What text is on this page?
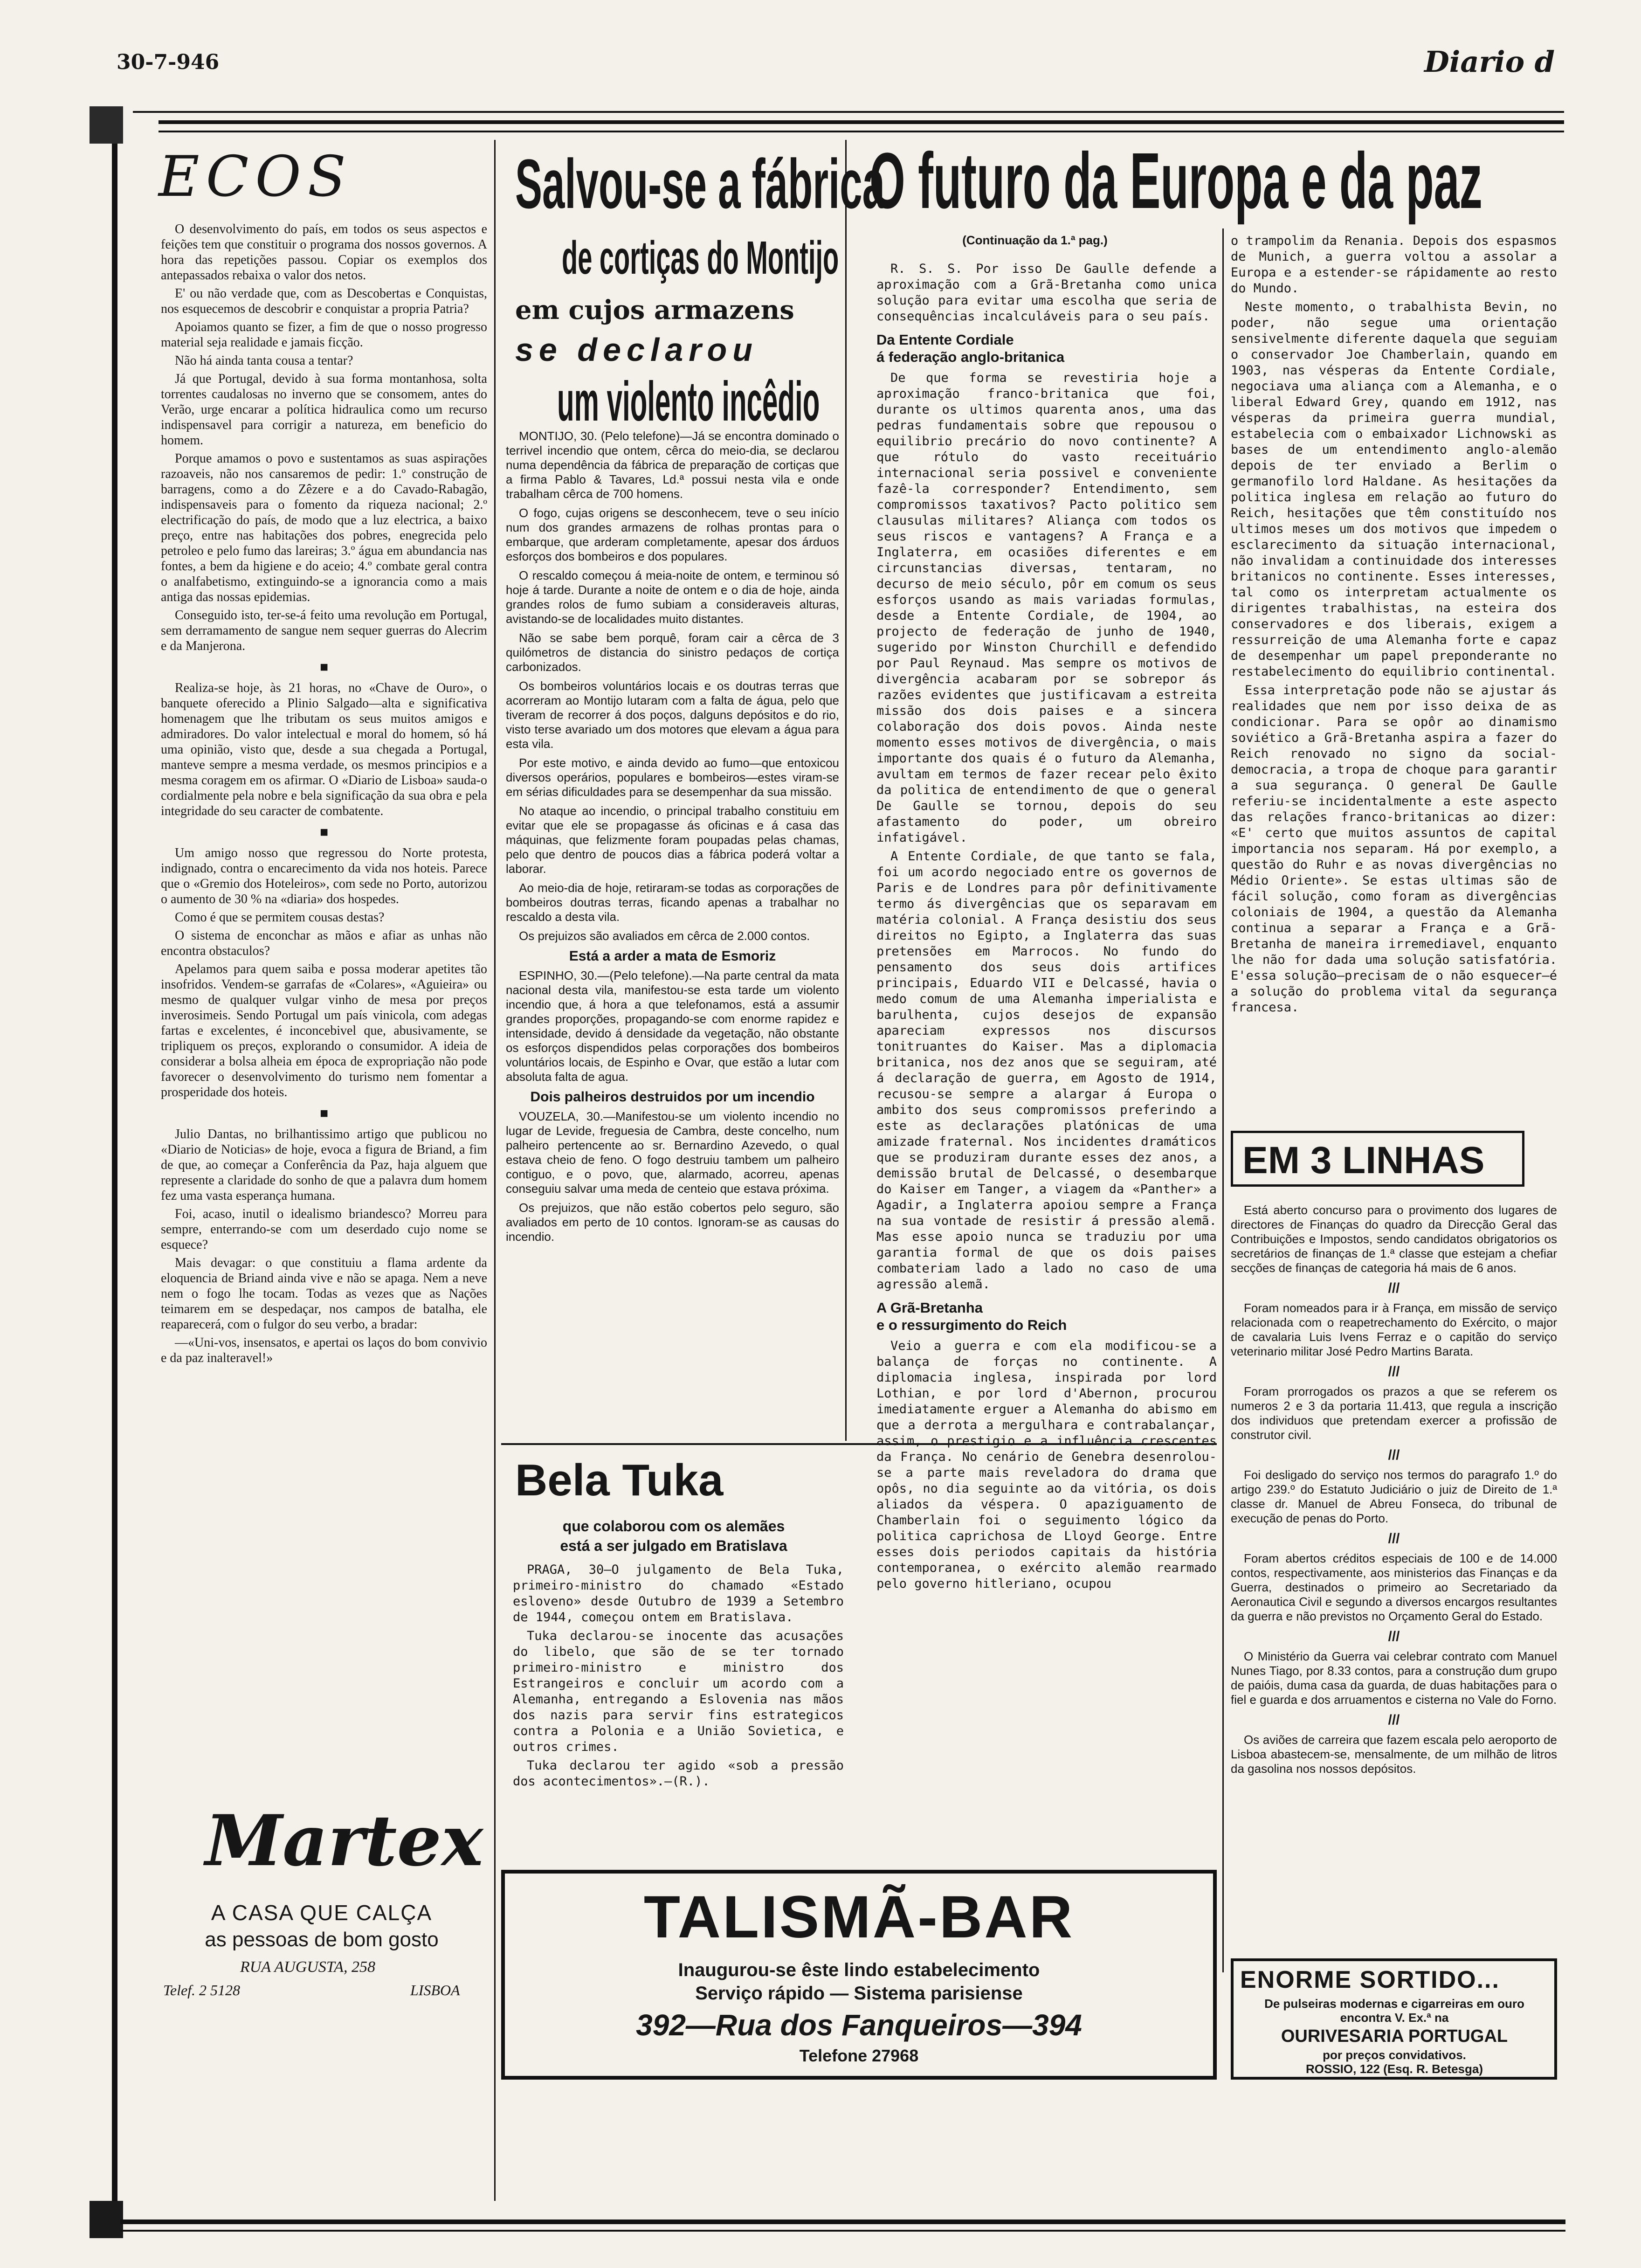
30-7-946	Diario d
ECOS

O desenvolvimento do país, em todos os seus aspectos e feições tem que constituir o programa dos nossos governos. A hora das repetições passou. Copiar os exemplos dos antepassados rebaixa o valor dos netos.

E' ou não verdade que, com as Descobertas e Conquistas, nos esquecemos de descobrir e conquistar a propria Patria?

Apoiamos quanto se fizer, a fim de que o nosso progresso material seja realidade e jamais ficção.

Não há ainda tanta cousa a tentar?

Já que Portugal, devido à sua forma montanhosa, solta torrentes caudalosas no inverno que se consomem, antes do Verão, urge encarar a política hidraulica como um recurso indispensavel para corrigir a natureza, em beneficio do homem.

Porque amamos o povo e sustentamos as suas aspirações razoaveis, não nos cansaremos de pedir: 1.º construção de barragens, como a do Zêzere e a do Cavado-Rabagão, indispensaveis para o fomento da riqueza nacional; 2.º electrificação do país, de modo que a luz electrica, a baixo preço, entre nas habitações dos pobres, enegrecida pelo petroleo e pelo fumo das lareiras; 3.º água em abundancia nas fontes, a bem da higiene e do aceio; 4.º combate geral contra o analfabetismo, extinguindo-se a ignorancia como a mais antiga das nossas epidemias.

Conseguido isto, ter-se-á feito uma revolução em Portugal, sem derramamento de sangue nem sequer guerras do Alecrim e da Manjerona.

■

Realiza-se hoje, às 21 horas, no «Chave de Ouro», o banquete oferecido a Plinio Salgado—alta e significativa homenagem que lhe tributam os seus muitos amigos e admiradores. Do valor intelectual e moral do homem, só há uma opinião, visto que, desde a sua chegada a Portugal, manteve sempre a mesma verdade, os mesmos principios e a mesma coragem em os afirmar. O «Diario de Lisboa» sauda-o cordialmente pela nobre e bela significação da sua obra e pela integridade do seu caracter de combatente.

■

Um amigo nosso que regressou do Norte protesta, indignado, contra o encarecimento da vida nos hoteis. Parece que o «Gremio dos Hoteleiros», com sede no Porto, autorizou o aumento de 30 % na «diaria» dos hospedes.

Como é que se permitem cousas destas?

O sistema de enconchar as mãos e afiar as unhas não encontra obstaculos?

Apelamos para quem saiba e possa moderar apetites tão insofridos. Vendem-se garrafas de «Colares», «Aguieira» ou mesmo de qualquer vulgar vinho de mesa por preços inverosimeis. Sendo Portugal um país vinicola, com adegas fartas e excelentes, é inconcebivel que, abusivamente, se tripliquem os preços, explorando o consumidor. A ideia de considerar a bolsa alheia em época de expropriação não pode favorecer o desenvolvimento do turismo nem fomentar a prosperidade dos hoteis.

■

Julio Dantas, no brilhantissimo artigo que publicou no «Diario de Noticias» de hoje, evoca a figura de Briand, a fim de que, ao começar a Conferência da Paz, haja alguem que represente a claridade do sonho de que a palavra dum homem fez uma vasta esperança humana.

Foi, acaso, inutil o idealismo briandesco? Morreu para sempre, enterrando-se com um deserdado cujo nome se esquece?

Mais devagar: o que constituiu a flama ardente da eloquencia de Briand ainda vive e não se apaga. Nem a neve nem o fogo lhe tocam. Todas as vezes que as Nações teimarem em se despedaçar, nos campos de batalha, ele reaparecerá, com o fulgor do seu verbo, a bradar:

—«Uni-vos, insensatos, e apertai os laços do bom convivio e da paz inalteravel!»

Martex
A CASA QUE CALÇA
as pessoas de bom gosto
RUA AUGUSTA, 258
Telef. 2 5128	LISBOA
Salvou-se a fábrica
de cortiças do Montijo
em cujos armazens
se declarou
um violento incêdio

MONTIJO, 30. (Pelo telefone)—Já se encontra dominado o terrivel incendio que ontem, cêrca do meio-dia, se declarou numa dependência da fábrica de preparação de cortiças que a firma Pablo & Tavares, Ld.ª possui nesta vila e onde trabalham cêrca de 700 homens.

O fogo, cujas origens se desconhecem, teve o seu início num dos grandes armazens de rolhas prontas para o embarque, que arderam completamente, apesar dos árduos esforços dos bombeiros e dos populares.

O rescaldo começou á meia-noite de ontem, e terminou só hoje á tarde. Durante a noite de ontem e o dia de hoje, ainda grandes rolos de fumo subiam a consideraveis alturas, avistando-se de localidades muito distantes.

Não se sabe bem porquê, foram cair a cêrca de 3 quilómetros de distancia do sinistro pedaços de cortiça carbonizados.

Os bombeiros voluntários locais e os doutras terras que acorreram ao Montijo lutaram com a falta de água, pelo que tiveram de recorrer á dos poços, dalguns depósitos e do rio, visto terse avariado um dos motores que elevam a água para esta vila.

Por este motivo, e ainda devido ao fumo—que entoxicou diversos operários, populares e bombeiros—estes viram-se em sérias dificuldades para se desempenhar da sua missão.

No ataque ao incendio, o principal trabalho constituiu em evitar que ele se propagasse ás oficinas e á casa das máquinas, que felizmente foram poupadas pelas chamas, pelo que dentro de poucos dias a fábrica poderá voltar a laborar.

Ao meio-dia de hoje, retiraram-se todas as corporações de bombeiros doutras terras, ficando apenas a trabalhar no rescaldo a desta vila.

Os prejuizos são avaliados em cêrca de 2.000 contos.

Está a arder a mata de Esmoriz

ESPINHO, 30.—(Pelo telefone).—Na parte central da mata nacional desta vila, manifestou-se esta tarde um violento incendio que, á hora a que telefonamos, está a assumir grandes proporções, propagando-se com enorme rapidez e intensidade, devido á densidade da vegetação, não obstante os esforços dispendidos pelas corporações dos bombeiros voluntários locais, de Espinho e Ovar, que estão a lutar com absoluta falta de agua.

Dois palheiros destruidos por um incendio

VOUZELA, 30.—Manifestou-se um violento incendio no lugar de Levide, freguesia de Cambra, deste concelho, num palheiro pertencente ao sr. Bernardino Azevedo, o qual estava cheio de feno. O fogo destruiu tambem um palheiro contiguo, e o povo, que, alarmado, acorreu, apenas conseguiu salvar uma meda de centeio que estava próxima.

Os prejuizos, que não estão cobertos pelo seguro, são avaliados em perto de 10 contos. Ignoram-se as causas do incendio.

Bela Tuka
que colaborou com os alemães
está a ser julgado em Bratislava

PRAGA, 30—O julgamento de Bela Tuka, primeiro-ministro do chamado «Estado esloveno» desde Outubro de 1939 a Setembro de 1944, começou ontem em Bratislava.

Tuka declarou-se inocente das acusações do libelo, que são de se ter tornado primeiro-ministro e ministro dos Estrangeiros e concluir um acordo com a Alemanha, entregando a Eslovenia nas mãos dos nazis para servir fins estrategicos contra a Polonia e a União Sovietica, e outros crimes.

Tuka declarou ter agido «sob a pressão dos acontecimentos».—(R.).

O futuro da Europa e da paz
(Continuação da 1.ª pag.)

R. S. S. Por isso De Gaulle defende a aproximação com a Grã-Bretanha como unica solução para evitar uma escolha que seria de consequências incalculáveis para o seu país.

Da Entente Cordiale
á federação anglo-britanica

De que forma se revestiria hoje a aproximação franco-britanica que foi, durante os ultimos quarenta anos, uma das pedras fundamentais sobre que repousou o equilibrio precário do novo continente? A que rótulo do vasto receituário internacional seria possivel e conveniente fazê-la corresponder? Entendimento, sem compromissos taxativos? Pacto politico sem clausulas militares? Aliança com todos os seus riscos e vantagens? A França e a Inglaterra, em ocasiões diferentes e em circunstancias diversas, tentaram, no decurso de meio século, pôr em comum os seus esforços usando as mais variadas formulas, desde a Entente Cordiale, de 1904, ao projecto de federação de junho de 1940, sugerido por Winston Churchill e defendido por Paul Reynaud. Mas sempre os motivos de divergência acabaram por se sobrepor ás razões evidentes que justificavam a estreita missão dos dois paises e a sincera colaboração dos dois povos. Ainda neste momento esses motivos de divergência, o mais importante dos quais é o futuro da Alemanha, avultam em termos de fazer recear pelo êxito da politica de entendimento de que o general De Gaulle se tornou, depois do seu afastamento do poder, um obreiro infatigável.

A Entente Cordiale, de que tanto se fala, foi um acordo negociado entre os governos de Paris e de Londres para pôr definitivamente termo ás divergências que os separavam em matéria colonial. A França desistiu dos seus direitos no Egipto, a Inglaterra das suas pretensões em Marrocos. No fundo do pensamento dos seus dois artifices principais, Eduardo VII e Delcassé, havia o medo comum de uma Alemanha imperialista e barulhenta, cujos desejos de expansão apareciam expressos nos discursos tonitruantes do Kaiser. Mas a diplomacia britanica, nos dez anos que se seguiram, até á declaração de guerra, em Agosto de 1914, recusou-se sempre a alargar á Europa o ambito dos seus compromissos preferindo a este as declarações platónicas de uma amizade fraternal. Nos incidentes dramáticos que se produziram durante esses dez anos, a demissão brutal de Delcassé, o desembarque do Kaiser em Tanger, a viagem da «Panther» a Agadir, a Inglaterra apoiou sempre a França na sua vontade de resistir á pressão alemã. Mas esse apoio nunca se traduziu por uma garantia formal de que os dois paises combateriam lado a lado no caso de uma agressão alemã.

A Grã-Bretanha
e o ressurgimento do Reich

Veio a guerra e com ela modificou-se a balança de forças no continente. A diplomacia inglesa, inspirada por lord Lothian, e por lord d'Abernon, procurou imediatamente erguer a Alemanha do abismo em que a derrota a mergulhara e contrabalançar, assim, o prestigio e a influência crescentes da França. No cenário de Genebra desenrolou-se a parte mais reveladora do drama que opôs, no dia seguinte ao da vitória, os dois aliados da véspera. O apaziguamento de Chamberlain foi o seguimento lógico da politica caprichosa de Lloyd George. Entre esses dois periodos capitais da história contemporanea, o exército alemão rearmado pelo governo hitleriano, ocupou

o trampolim da Renania. Depois dos espasmos de Munich, a guerra voltou a assolar a Europa e a estender-se rápidamente ao resto do Mundo.

Neste momento, o trabalhista Bevin, no poder, não segue uma orientação sensivelmente diferente daquela que seguiam o conservador Joe Chamberlain, quando em 1903, nas vésperas da Entente Cordiale, negociava uma aliança com a Alemanha, e o liberal Edward Grey, quando em 1912, nas vésperas da primeira guerra mundial, estabelecia com o embaixador Lichnowski as bases de um entendimento anglo-alemão depois de ter enviado a Berlim o germanofilo lord Haldane. As hesitações da politica inglesa em relação ao futuro do Reich, hesitações que têm constituído nos ultimos meses um dos motivos que impedem o esclarecimento da situação internacional, não invalidam a continuidade dos interesses britanicos no continente. Esses interesses, tal como os interpretam actualmente os dirigentes trabalhistas, na esteira dos conservadores e dos liberais, exigem a ressurreição de uma Alemanha forte e capaz de desempenhar um papel preponderante no restabelecimento do equilibrio continental.

Essa interpretação pode não se ajustar ás realidades que nem por isso deixa de as condicionar. Para se opôr ao dinamismo soviético a Grã-Bretanha aspira a fazer do Reich renovado no signo da social-democracia, a tropa de choque para garantir a sua segurança. O general De Gaulle referiu-se incidentalmente a este aspecto das relações franco-britanicas ao dizer: «E' certo que muitos assuntos de capital importancia nos separam. Há por exemplo, a questão do Ruhr e as novas divergências no Médio Oriente». Se estas ultimas são de fácil solução, como foram as divergências coloniais de 1904, a questão da Alemanha continua a separar a França e a Grã-Bretanha de maneira irremediavel, enquanto lhe não for dada uma solução satisfatória. E'essa solução—precisam de o não esquecer—é a solução do problema vital da segurança francesa.

EM 3 LINHAS

Está aberto concurso para o provimento dos lugares de directores de Finanças do quadro da Direcção Geral das Contribuições e Impostos, sendo candidatos obrigatorios os secretários de finanças de 1.ª classe que estejam a chefiar secções de finanças de categoria há mais de 6 anos.

///

Foram nomeados para ir à França, em missão de serviço relacionada com o reapetrechamento do Exército, o major de cavalaria Luis Ivens Ferraz e o capitão do serviço veterinario militar José Pedro Martins Barata.

///

Foram prorrogados os prazos a que se referem os numeros 2 e 3 da portaria 11.413, que regula a inscrição dos individuos que pretendam exercer a profissão de construtor civil.

///

Foi desligado do serviço nos termos do paragrafo 1.º do artigo 239.º do Estatuto Judiciário o juiz de Direito de 1.ª classe dr. Manuel de Abreu Fonseca, do tribunal de execução de penas do Porto.

///

Foram abertos créditos especiais de 100 e de 14.000 contos, respectivamente, aos ministerios das Finanças e da Guerra, destinados o primeiro ao Secretariado da Aeronautica Civil e segundo a diversos encargos resultantes da guerra e não previstos no Orçamento Geral do Estado.

///

O Ministério da Guerra vai celebrar contrato com Manuel Nunes Tiago, por 8.33 contos, para a construção dum grupo de paióis, duma casa da guarda, de duas habitações para o fiel e guarda e dos arruamentos e cisterna no Vale do Forno.

///

Os aviões de carreira que fazem escala pelo aeroporto de Lisboa abastecem-se, mensalmente, de um milhão de litros da gasolina nos nossos depósitos.

TALISMÃ-BAR
Inaugurou-se êste lindo estabelecimento
Serviço rápido — Sistema parisiense
392—Rua dos Fanqueiros—394
Telefone 27968
ENORME SORTIDO...
De pulseiras modernas e cigarreiras em ouro encontra V. Ex.ª na
OURIVESARIA PORTUGAL
por preços convidativos.
ROSSIO, 122 (Esq. R. Betesga)
